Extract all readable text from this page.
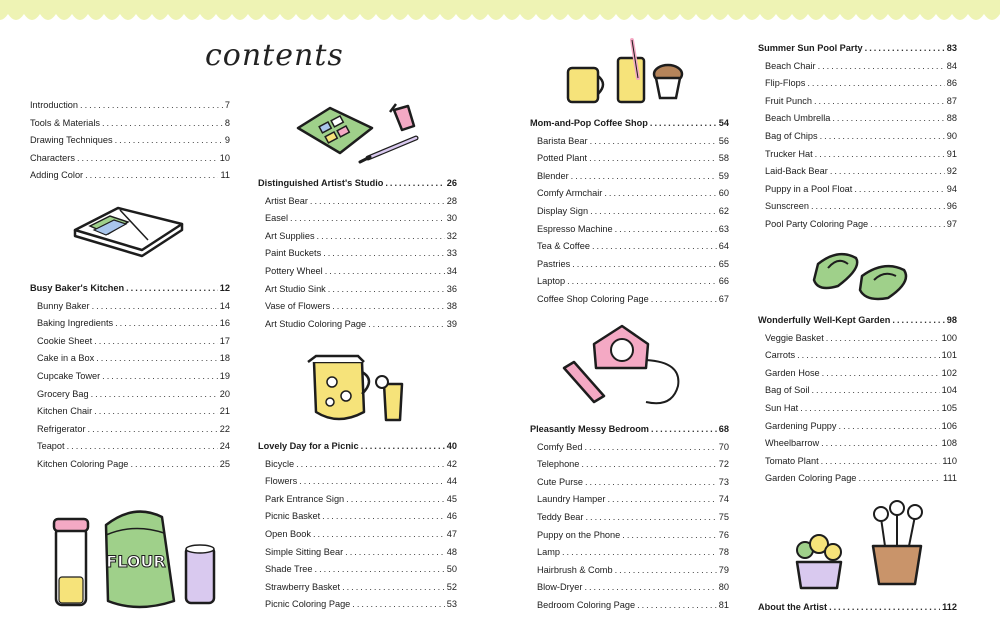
contents
Introduction .....	7
Tools & Materials .....	8
Drawing Techniques .....	9
Characters .....	10
Adding Color .....	11
Busy Baker's Kitchen .....	12
Bunny Baker .....	14
Baking Ingredients .....	16
Cookie Sheet .....	17
Cake in a Box .....	18
Cupcake Tower .....	19
Grocery Bag .....	20
Kitchen Chair .....	21
Refrigerator .....	22
Teapot .....	24
Kitchen Coloring Page .....	25
Distinguished Artist's Studio .....	26
Artist Bear .....	28
Easel .....	30
Art Supplies .....	32
Paint Buckets .....	33
Pottery Wheel .....	34
Art Studio Sink .....	36
Vase of Flowers .....	38
Art Studio Coloring Page .....	39
Lovely Day for a Picnic .....	40
Bicycle .....	42
Flowers .....	44
Park Entrance Sign .....	45
Picnic Basket .....	46
Open Book .....	47
Simple Sitting Bear .....	48
Shade Tree .....	50
Strawberry Basket .....	52
Picnic Coloring Page .....	53
Mom-and-Pop Coffee Shop .....	54
Barista Bear .....	56
Potted Plant .....	58
Blender .....	59
Comfy Armchair .....	60
Display Sign .....	62
Espresso Machine .....	63
Tea & Coffee .....	64
Pastries .....	65
Laptop .....	66
Coffee Shop Coloring Page .....	67
Pleasantly Messy Bedroom .....	68
Comfy Bed .....	70
Telephone .....	72
Cute Purse .....	73
Laundry Hamper .....	74
Teddy Bear .....	75
Puppy on the Phone .....	76
Lamp .....	78
Hairbrush & Comb .....	79
Blow-Dryer .....	80
Bedroom Coloring Page .....	81
Summer Sun Pool Party .....	83
Beach Chair .....	84
Flip-Flops .....	86
Fruit Punch .....	87
Beach Umbrella .....	88
Bag of Chips .....	90
Trucker Hat .....	91
Laid-Back Bear .....	92
Puppy in a Pool Float .....	94
Sunscreen .....	96
Pool Party Coloring Page .....	97
Wonderfully Well-Kept Garden .....	98
Veggie Basket .....	100
Carrots .....	101
Garden Hose .....	102
Bag of Soil .....	104
Sun Hat .....	105
Gardening Puppy .....	106
Wheelbarrow .....	108
Tomato Plant .....	110
Garden Coloring Page .....	111
About the Artist .....	112
FLOUR
